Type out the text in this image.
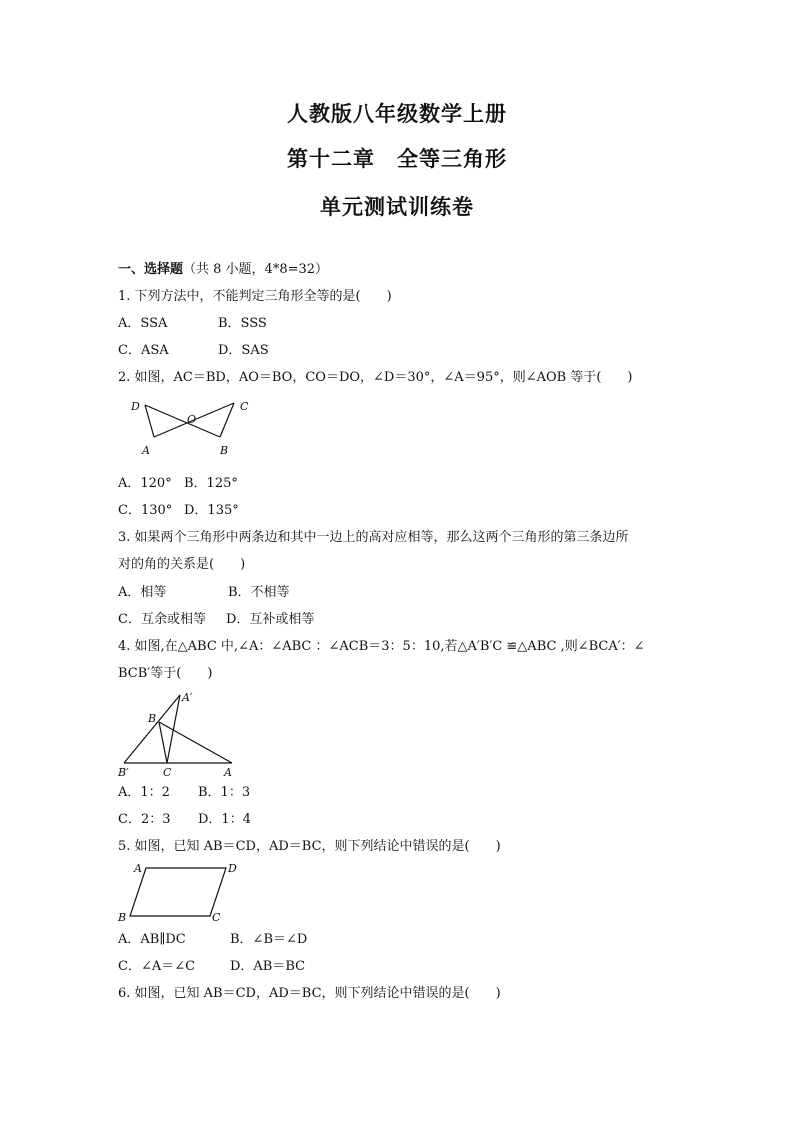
人教版八年级数学上册
第十二章　全等三角形
单元测试训练卷
一、选择题（共 8 小题，4*8=32）
1. 下列方法中，不能判定三角形全等的是(　　)
A．SSA	B．SSS
C．ASA	D．SAS
2. 如图，AC＝BD，AO＝BO，CO＝DO，∠D＝30°，∠A＝95°，则∠AOB 等于(　　)
D
O
C
A	B
A．120° B．125°
C．130° D．135°
3. 如果两个三角形中两条边和其中一边上的高对应相等，那么这两个三角形的第三条边所
对的角的关系是(　　)
A．相等	B．不相等
C．互余或相等 D．互补或相等
4. 如图,在△ABC 中,∠A：∠ABC ：∠ACB＝3：5：10,若△A′B′C ≌△ABC ,则∠BCA′：∠
BCB′等于(　　)
A′
B
B′	C	A
A．1：2 B．1：3
C．2：3 D．1：4
5. 如图，已知 AB＝CD，AD＝BC，则下列结论中错误的是(　　)
A	D
B	C
A．AB∥DC	B．∠B＝∠D
C．∠A＝∠C	D．AB＝BC
6. 如图，已知 AB＝CD，AD＝BC，则下列结论中错误的是(　　)
